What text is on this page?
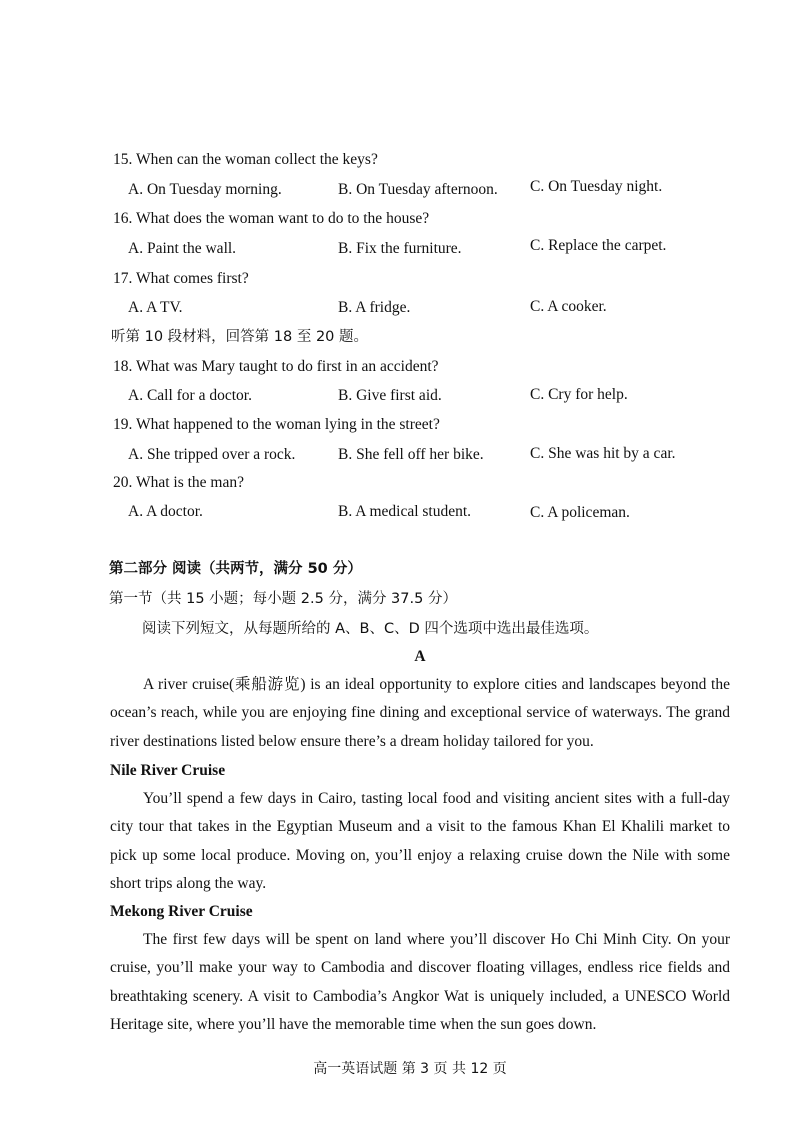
15. When can the woman collect the keys?
A. On Tuesday morning.	B. On Tuesday afternoon. C. On Tuesday night.
16. What does the woman want to do to the house?
A. Paint the wall.	B. Fix the furniture.	C. Replace the carpet.
17. What comes first?
A. A TV.	B. A fridge.	C. A cooker.
听第 10 段材料，回答第 18 至 20 题。
18. What was Mary taught to do first in an accident?
A. Call for a doctor.	B. Give first aid.	C. Cry for help.
19. What happened to the woman lying in the street?
A. She tripped over a rock.	B. She fell off her bike.	C. She was hit by a car.
20. What is the man?
A. A doctor.	B. A medical student.	C. A policeman.
第二部分 阅读（共两节，满分 50 分）
第一节（共 15 小题；每小题 2.5 分，满分 37.5 分）
阅读下列短文，从每题所给的 A、B、C、D 四个选项中选出最佳选项。
A

A river cruise(乘船游览) is an ideal opportunity to explore cities and landscapes beyond the ocean’s reach, while you are enjoying fine dining and exceptional service of waterways. The grand river destinations listed below ensure there’s a dream holiday tailored for you.

Nile River Cruise

You’ll spend a few days in Cairo, tasting local food and visiting ancient sites with a full-day city tour that takes in the Egyptian Museum and a visit to the famous Khan El Khalili market to pick up some local produce. Moving on, you’ll enjoy a relaxing cruise down the Nile with some short trips along the way.

Mekong River Cruise

The first few days will be spent on land where you’ll discover Ho Chi Minh City. On your cruise, you’ll make your way to Cambodia and discover floating villages, endless rice fields and breathtaking scenery. A visit to Cambodia’s Angkor Wat is uniquely included, a UNESCO World Heritage site, where you’ll have the memorable time when the sun goes down.

高一英语试题 第 3 页 共 12 页
